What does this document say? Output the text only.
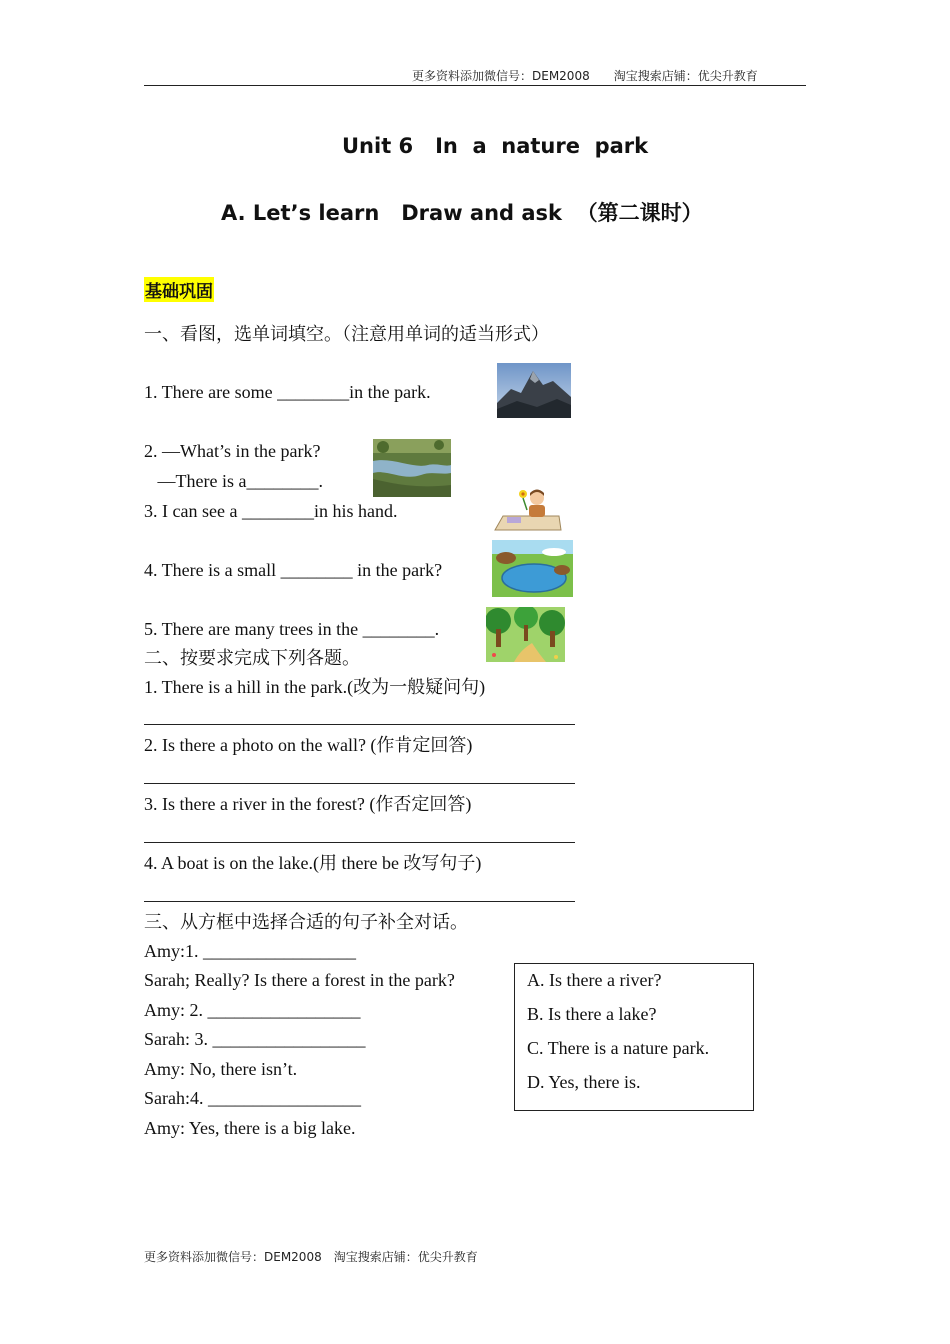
更多资料添加微信号：DEM2008　　淘宝搜索店铺：优尖升教育
Unit 6   In  a  nature  park
A. Let’s learn   Draw and ask  （第二课时）
基础巩固
一、看图，选单词填空。（注意用单词的适当形式）
1. There are some ________in the park.
2. —What’s in the park?
—There is a________.
3. I can see a ________in his hand.
4. There is a small ________ in the park?
5. There are many trees in the ________.
二、按要求完成下列各题。
1. There is a hill in the park.(改为一般疑问句)
2. Is there a photo on the wall? (作肯定回答)
3. Is there a river in the forest? (作否定回答)
4. A boat is on the lake.(用 there be 改写句子)
三、从方框中选择合适的句子补全对话。
Amy:1. _________________
Sarah; Really? Is there a forest in the park?
Amy: 2. _________________
Sarah: 3. _________________
Amy: No, there isn’t.
Sarah:4. _________________
Amy: Yes, there is a big lake.
A. Is there a river?
B. Is there a lake?
C. There is a nature park.
D. Yes, there is.
更多资料添加微信号：DEM2008　淘宝搜索店铺：优尖升教育
